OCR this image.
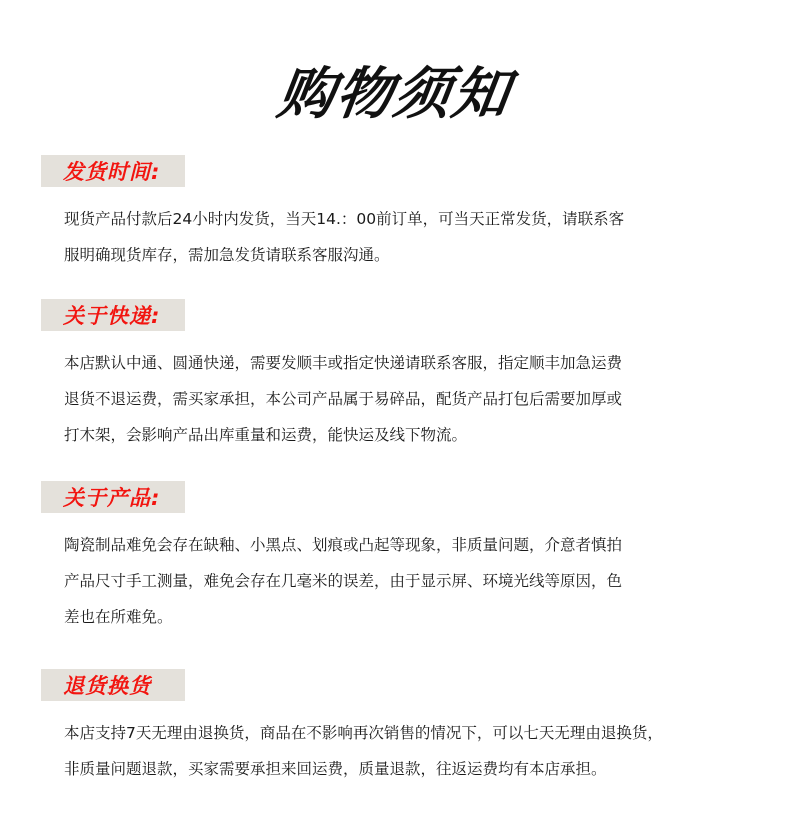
购物须知
发货时间:
现货产品付款后24小时内发货，当天14.：00前订单，可当天正常发货，请联系客
服明确现货库存，需加急发货请联系客服沟通。
关于快递:
本店默认中通、圆通快递，需要发顺丰或指定快递请联系客服，指定顺丰加急运费
退货不退运费，需买家承担，本公司产品属于易碎品，配货产品打包后需要加厚或
打木架，会影响产品出库重量和运费，能快运及线下物流。
关于产品:
陶瓷制品难免会存在缺釉、小黑点、划痕或凸起等现象，非质量问题，介意者慎拍
产品尺寸手工测量，难免会存在几毫米的误差，由于显示屏、环境光线等原因，色
差也在所难免。
退货换货
本店支持7天无理由退换货，商品在不影响再次销售的情况下，可以七天无理由退换货，
非质量问题退款，买家需要承担来回运费，质量退款，往返运费均有本店承担。
